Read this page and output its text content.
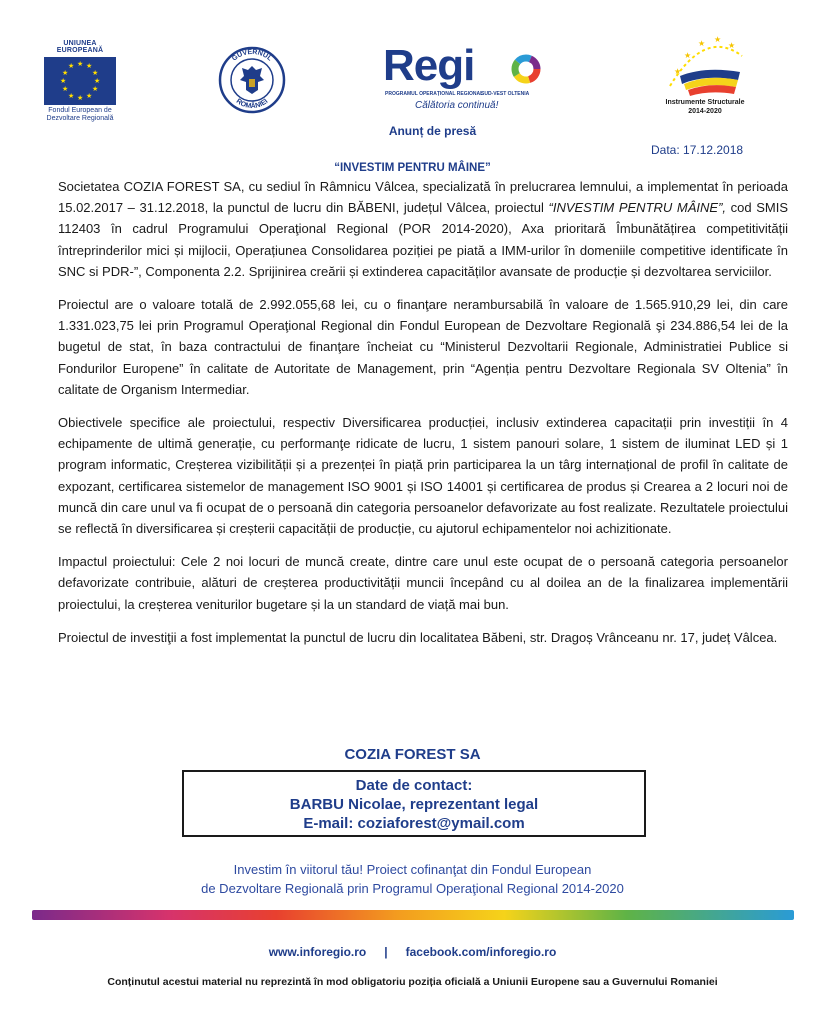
UNIUNEA EUROPEANĂ
★ ★
★
★
★
★
★
★
★
★
★
★
Fondul European de
Dezvoltare Regională
GUVERNUL
ROMÂNIEI
Regi
PROGRAMUL OPERAȚIONAL REGIONAL
SUD-VEST OLTENIA
Călătoria continuă!
★
★
★ ★
★
Instrumente Structurale
2014-2020
Anunț de presă
Data: 17.12.2018
“INVESTIM PENTRU MÂINE”

Societatea COZIA FOREST SA, cu sediul în Râmnicu Vâlcea, specializată în prelucrarea lemnului, a implementat în perioada 15.02.2017 – 31.12.2018, la punctul de lucru din BĂBENI, județul Vâlcea, proiectul “INVESTIM PENTRU MÂINE”, cod SMIS 112403 în cadrul Programului Operaţional Regional (POR 2014-2020), Axa prioritară Îmbunătățirea competitivității întreprinderilor mici și mijlocii, Operațiunea Consolidarea poziției pe piată a IMM-urilor în domeniile competitive identificate în SNC si PDR-”, Componenta 2.2. Sprijinirea creării și extinderea capacităților avansate de producție și dezvoltarea serviciilor.

Proiectul are o valoare totală de 2.992.055,68 lei, cu o finanţare nerambursabilă în valoare de 1.565.910,29 lei, din care 1.331.023,75 lei prin Programul Operaţional Regional din Fondul European de Dezvoltare Regională şi 234.886,54 lei de la bugetul de stat, în baza contractului de finanţare încheiat cu “Ministerul Dezvoltarii Regionale, Administratiei Publice si Fondurilor Europene” în calitate de Autoritate de Management, prin “Agenția pentru Dezvoltare Regionala SV Oltenia” în calitate de Organism Intermediar.

Obiectivele specifice ale proiectului, respectiv Diversificarea producției, inclusiv extinderea capacitații prin investiții în 4 echipamente de ultimă generație, cu performanţe ridicate de lucru, 1 sistem panouri solare, 1 sistem de iluminat LED și 1 program informatic, Creșterea vizibilității și a prezenței în piață prin participarea la un târg internațional de profil în calitate de expozant, certificarea sistemelor de management ISO 9001 și ISO 14001 și certificarea de produs și Crearea a 2 locuri noi de muncă din care unul va fi ocupat de o persoană din categoria persoanelor defavorizate au fost realizate. Rezultatele proiectului se reflectă în diversificarea și creșterii capacității de producție, cu ajutorul echipamentelor noi achizitionate.

Impactul proiectului: Cele 2 noi locuri de muncă create, dintre care unul este ocupat de o persoană categoria persoanelor defavorizate contribuie, alături de creșterea productivității muncii începând cu al doilea an de la finalizarea implementării proiectului, la creșterea veniturilor bugetare și la un standard de viață mai bun.

Proiectul de investiţii a fost implementat la punctul de lucru din localitatea Băbeni, str. Dragoș Vrânceanu nr. 17, județ Vâlcea.

COZIA FOREST SA
Date de contact:
BARBU Nicolae, reprezentant legal
E-mail: coziaforest@ymail.com
Investim în viitorul tău! Proiect cofinanţat din Fondul European
de Dezvoltare Regională prin Programul Operaţional Regional 2014-2020
www.inforegio.ro | facebook.com/inforegio.ro
Conținutul acestui material nu reprezintă în mod obligatoriu poziția oficială a Uniunii Europene sau a Guvernului Romaniei
